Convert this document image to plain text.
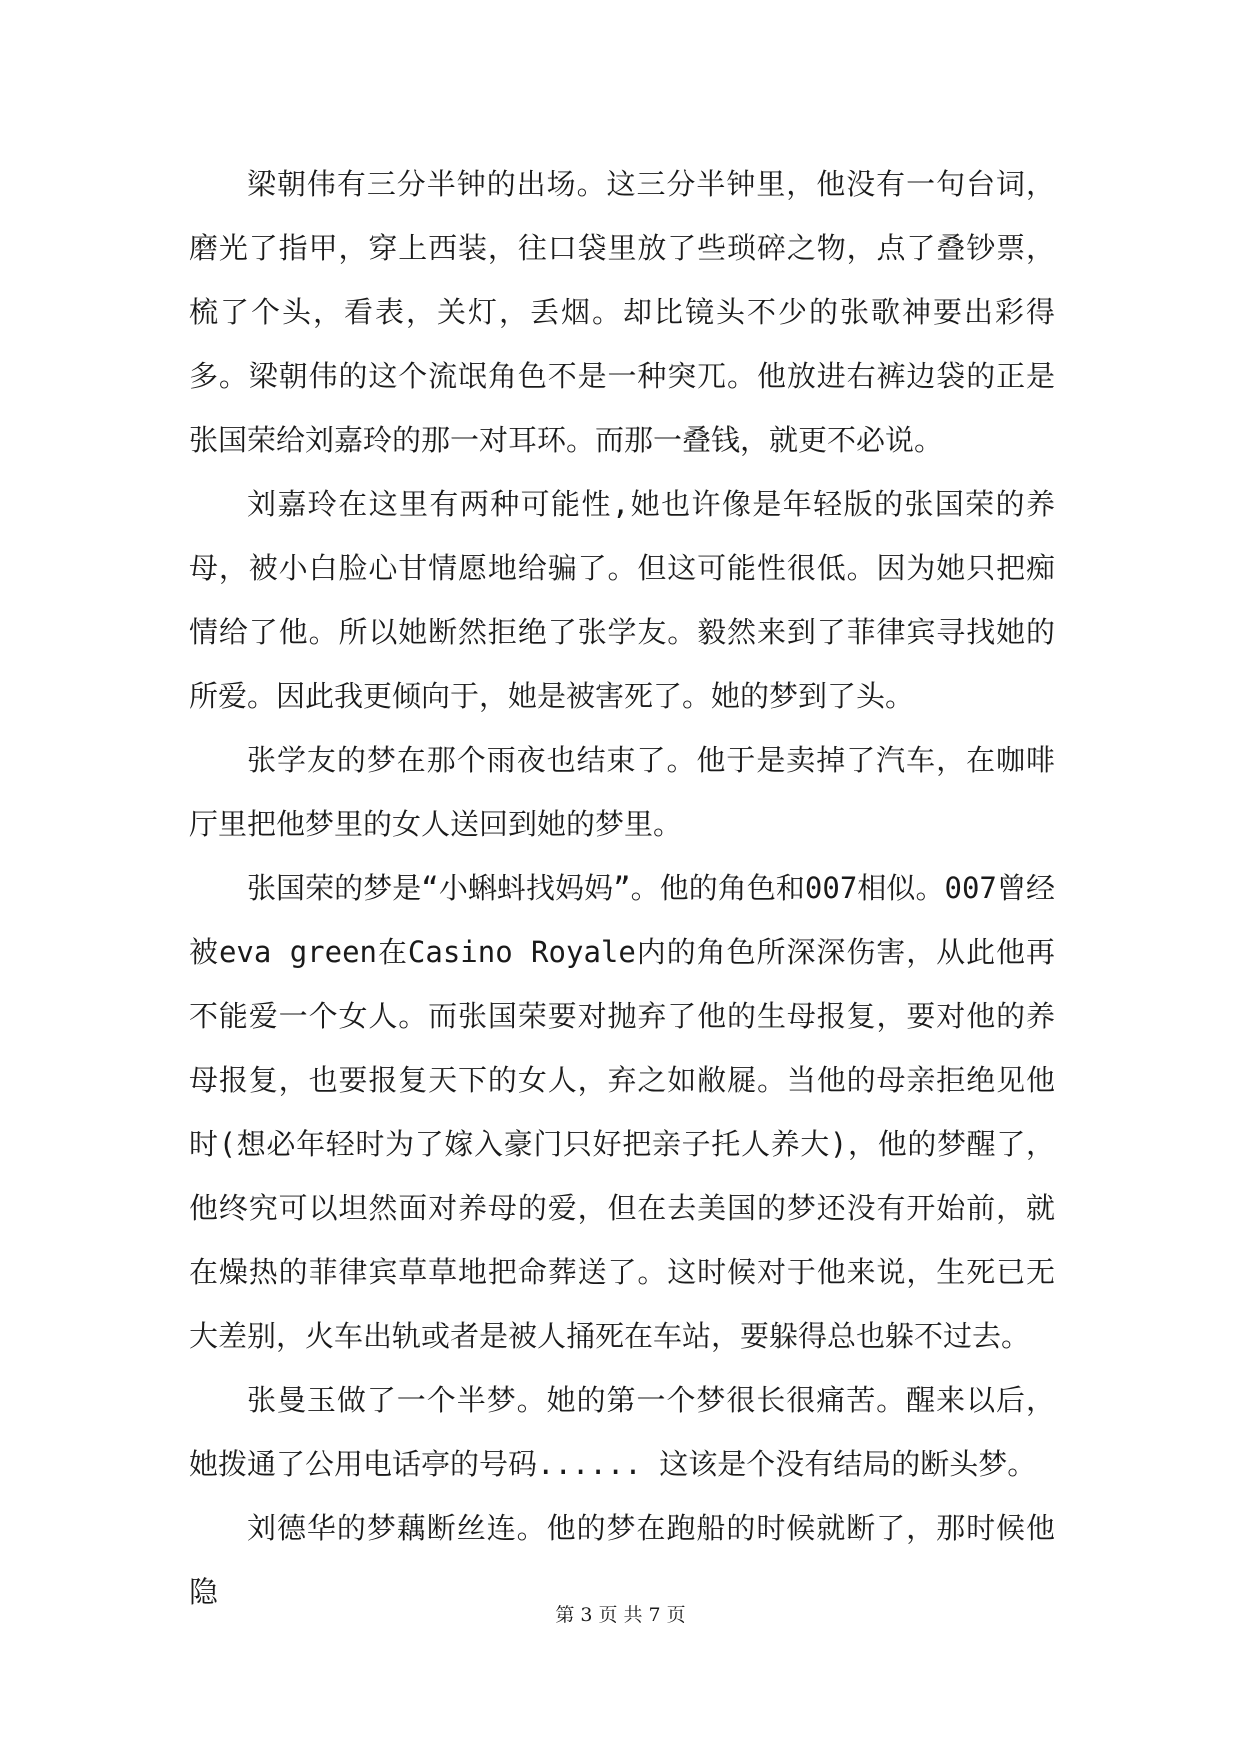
梁朝伟有三分半钟的出场。这三分半钟里，他没有一句台词，磨光了指甲，穿上西装，往口袋里放了些琐碎之物，点了叠钞票，梳了个头，看表，关灯，丢烟。却比镜头不少的张歌神要出彩得多。梁朝伟的这个流氓角色不是一种突兀。他放进右裤边袋的正是张国荣给刘嘉玲的那一对耳环。而那一叠钱，就更不必说。

刘嘉玲在这里有两种可能性,她也许像是年轻版的张国荣的养母，被小白脸心甘情愿地给骗了。但这可能性很低。因为她只把痴情给了他。所以她断然拒绝了张学友。毅然来到了菲律宾寻找她的所爱。因此我更倾向于，她是被害死了。她的梦到了头。

张学友的梦在那个雨夜也结束了。他于是卖掉了汽车，在咖啡厅里把他梦里的女人送回到她的梦里。

张国荣的梦是“小蝌蚪找妈妈”。他的角色和007相似。007曾经被eva green在Casino Royale内的角色所深深伤害，从此他再不能爱一个女人。而张国荣要对抛弃了他的生母报复，要对他的养母报复，也要报复天下的女人，弃之如敝屣。当他的母亲拒绝见他时(想必年轻时为了嫁入豪门只好把亲子托人养大)，他的梦醒了，他终究可以坦然面对养母的爱，但在去美国的梦还没有开始前，就在燥热的菲律宾草草地把命葬送了。这时候对于他来说，生死已无大差别，火车出轨或者是被人捅死在车站，要躲得总也躲不过去。

张曼玉做了一个半梦。她的第一个梦很长很痛苦。醒来以后，她拨通了公用电话亭的号码...... 这该是个没有结局的断头梦。

刘德华的梦藕断丝连。他的梦在跑船的时候就断了，那时候他隐

第 3 页 共 7 页
